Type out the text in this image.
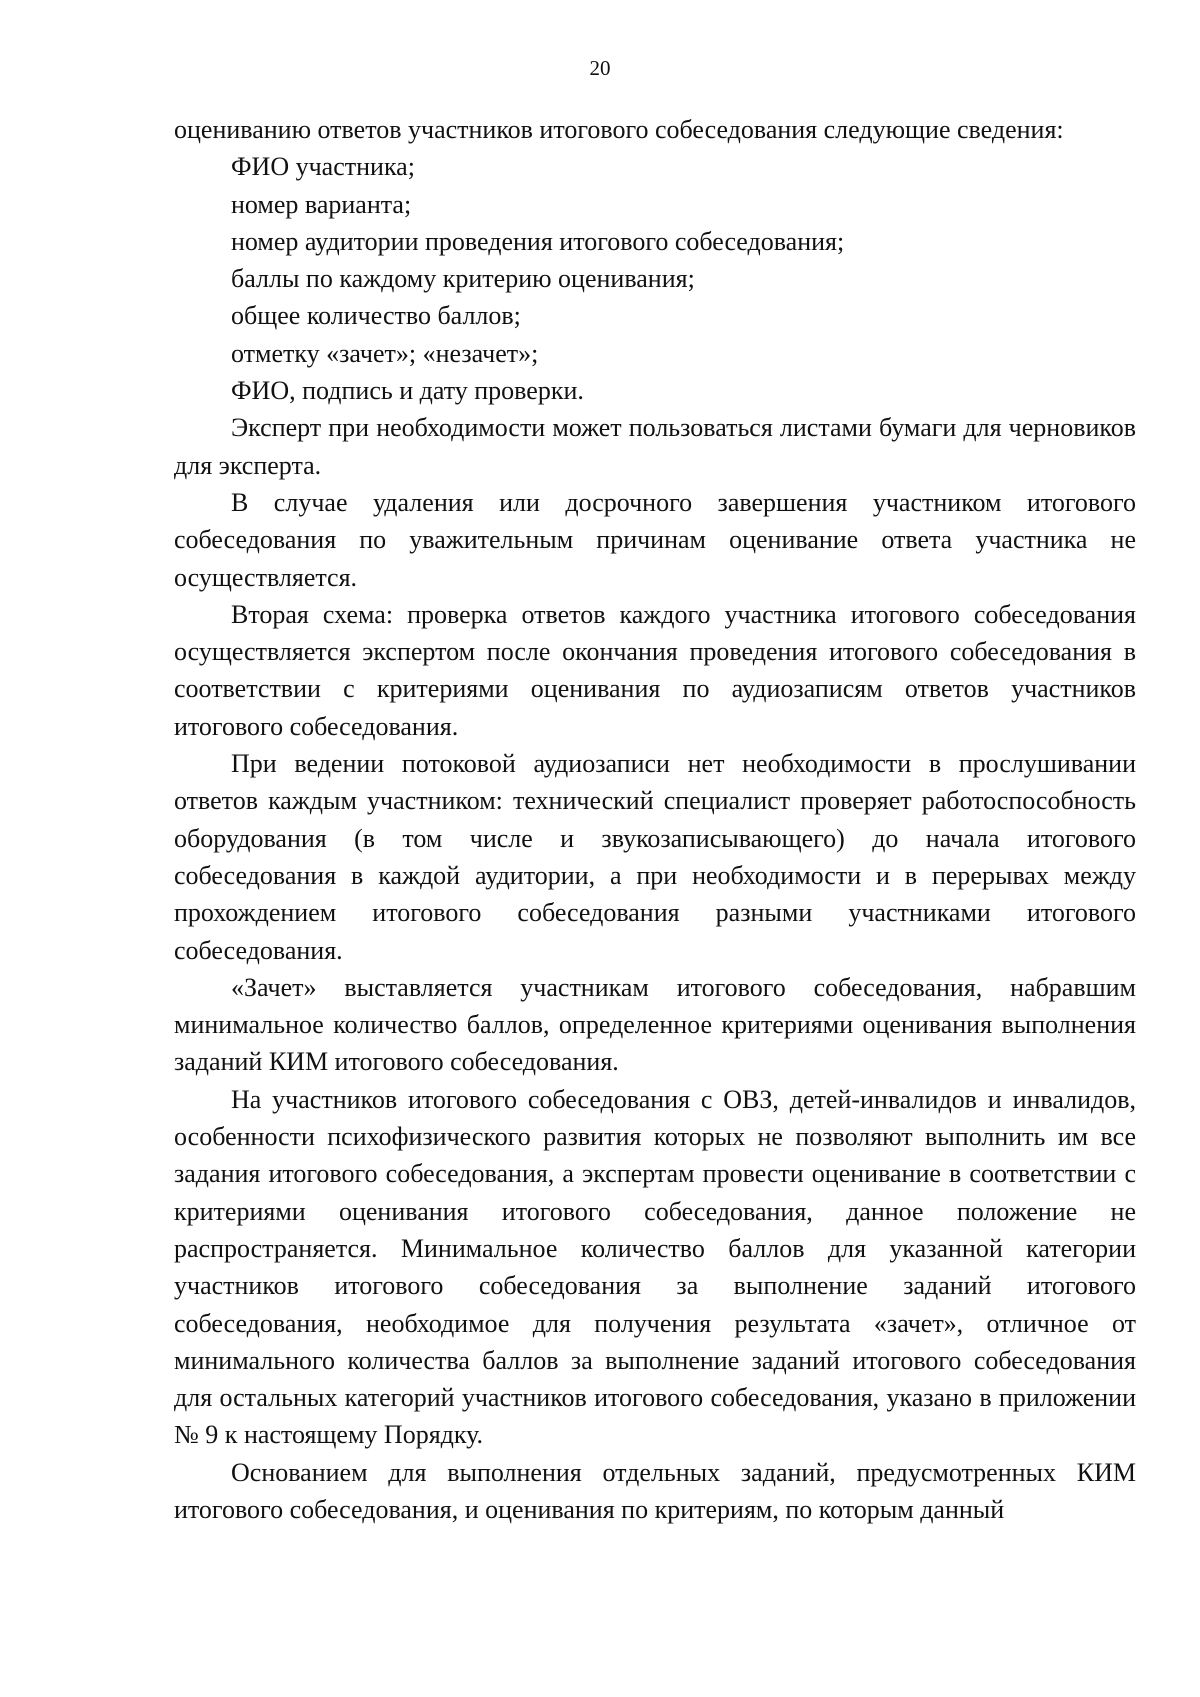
20

оцениванию ответов участников итогового собеседования следующие сведения:

ФИО участника;

номер варианта;

номер аудитории проведения итогового собеседования;

баллы по каждому критерию оценивания;

общее количество баллов;

отметку «зачет»; «незачет»;

ФИО, подпись и дату проверки.

Эксперт при необходимости может пользоваться листами бумаги для черновиков для эксперта.

В случае удаления или досрочного завершения участником итогового собеседования по уважительным причинам оценивание ответа участника не осуществляется.

Вторая схема: проверка ответов каждого участника итогового собеседования осуществляется экспертом после окончания проведения итогового собеседования в соответствии с критериями оценивания по аудиозаписям ответов участников итогового собеседования.

При ведении потоковой аудиозаписи нет необходимости в прослушивании ответов каждым участником: технический специалист проверяет работоспособность оборудования (в том числе и звукозаписывающего) до начала итогового собеседования в каждой аудитории, а при необходимости и в перерывах между прохождением итогового собеседования разными участниками итогового собеседования.

«Зачет» выставляется участникам итогового собеседования, набравшим минимальное количество баллов, определенное критериями оценивания выполнения заданий КИМ итогового собеседования.

На участников итогового собеседования с ОВЗ, детей-инвалидов и инвалидов, особенности психофизического развития которых не позволяют выполнить им все задания итогового собеседования, а экспертам провести оценивание в соответствии с критериями оценивания итогового собеседования, данное положение не распространяется. Минимальное количество баллов для указанной категории участников итогового собеседования за выполнение заданий итогового собеседования, необходимое для получения результата «зачет», отличное от минимального количества баллов за выполнение заданий итогового собеседования для остальных категорий участников итогового собеседования, указано в приложении № 9 к настоящему Порядку.

Основанием для выполнения отдельных заданий, предусмотренных КИМ итогового собеседования, и оценивания по критериям, по которым данный
